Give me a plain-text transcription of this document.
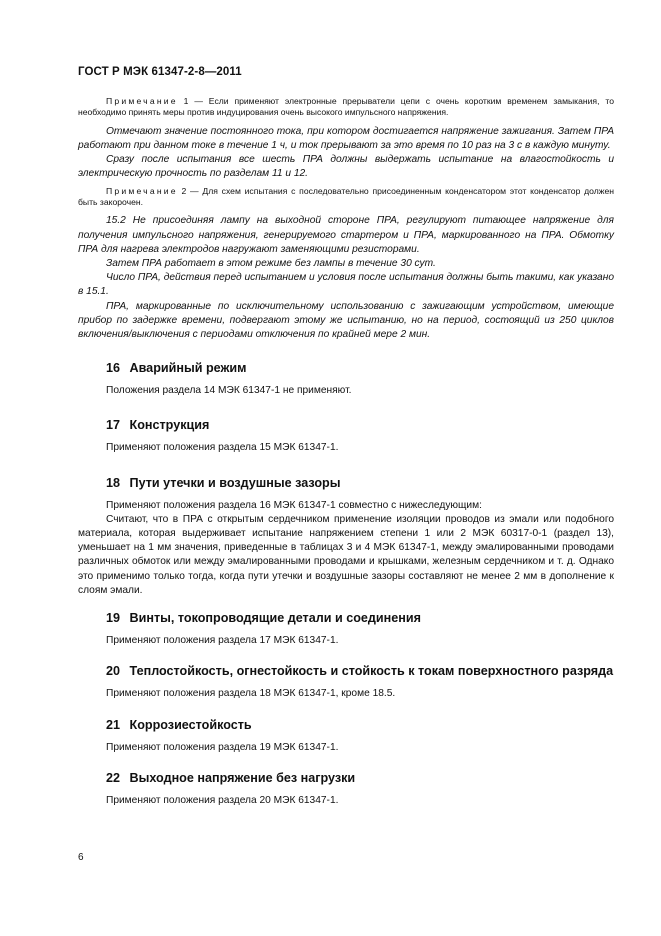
ГОСТ Р МЭК 61347-2-8—2011

Примечание 1 — Если применяют электронные прерыватели цепи с очень коротким временем замыкания, то необходимо принять меры против индуцирования очень высокого импульсного напряжения.

Отмечают значение постоянного тока, при котором достигается напряжение зажигания. Затем ПРА работают при данном токе в течение 1 ч, и ток прерывают за это время по 10 раз на 3 с в каждую минуту.

Сразу после испытания все шесть ПРА должны выдержать испытание на влагостойкость и электрическую прочность по разделам 11 и 12.

Примечание 2 — Для схем испытания с последовательно присоединенным конденсатором этот конденсатор должен быть закорочен.

15.2 Не присоединяя лампу на выходной стороне ПРА, регулируют питающее напряжение для получения импульсного напряжения, генерируемого стартером и ПРА, маркированного на ПРА. Обмотку ПРА для нагрева электродов нагружают заменяющими резисторами.

Затем ПРА работает в этом режиме без лампы в течение 30 сут.

Число ПРА, действия перед испытанием и условия после испытания должны быть такими, как указано в 15.1.

ПРА, маркированные по исключительному использованию с зажигающим устройством, имеющие прибор по задержке времени, подвергают этому же испытанию, но на период, состоящий из 250 циклов включения/выключения с периодами отключения по крайней мере 2 мин.

16 Аварийный режим

Положения раздела 14 МЭК 61347-1 не применяют.

17 Конструкция

Применяют положения раздела 15 МЭК 61347-1.

18 Пути утечки и воздушные зазоры

Применяют положения раздела 16 МЭК 61347-1 совместно с нижеследующим:

Считают, что в ПРА с открытым сердечником применение изоляции проводов из эмали или подобного материала, которая выдерживает испытание напряжением степени 1 или 2 МЭК 60317-0-1 (раздел 13), уменьшает на 1 мм значения, приведенные в таблицах 3 и 4 МЭК 61347-1, между эмалированными проводами различных обмоток или между эмалированными проводами и крышками, железным сердечником и т. д. Однако это применимо только тогда, когда пути утечки и воздушные зазоры составляют не менее 2 мм в дополнение к слоям эмали.

19 Винты, токопроводящие детали и соединения

Применяют положения раздела 17 МЭК 61347-1.

20 Теплостойкость, огнестойкость и стойкость к токам поверхностного разряда

Применяют положения раздела 18 МЭК 61347-1, кроме 18.5.

21 Коррозиестойкость

Применяют положения раздела 19 МЭК 61347-1.

22 Выходное напряжение без нагрузки

Применяют положения раздела 20 МЭК 61347-1.

6
